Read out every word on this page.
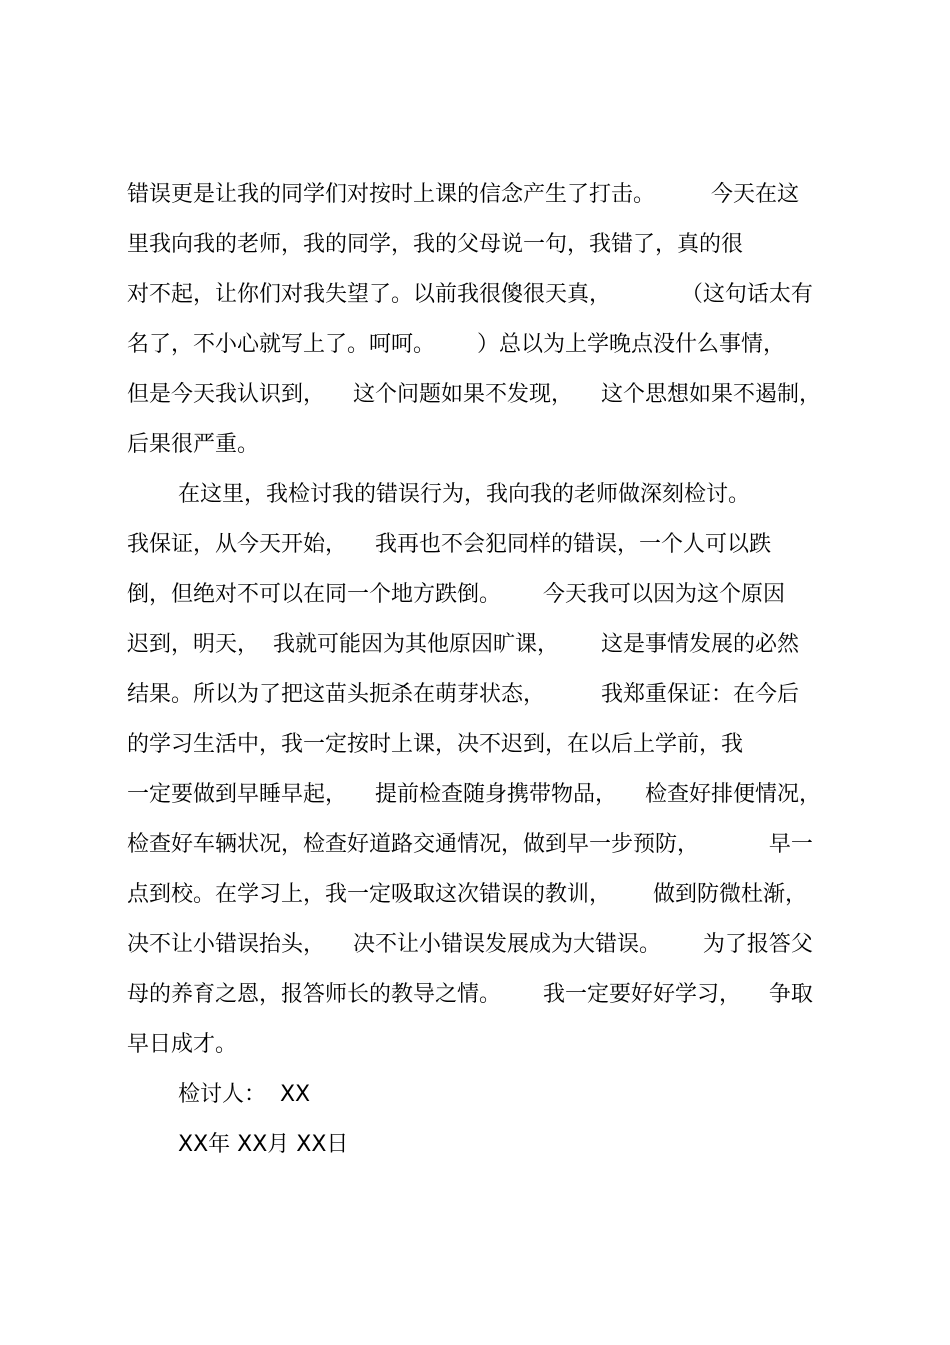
错误更是让我的同学们对按时上课的信念产生了打击。        今天在这
里我向我的老师，我的同学，我的父母说一句，我错了，真的很
对不起，让你们对我失望了。以前我很傻很天真，          （这句话太有
名了，不小心就写上了。呵呵。      ）总以为上学晚点没什么事情，
但是今天我认识到，    这个问题如果不发现，    这个思想如果不遏制，
后果很严重。
在这里，我检讨我的错误行为，我向我的老师做深刻检讨。
我保证，从今天开始，    我再也不会犯同样的错误，一个人可以跌
倒，但绝对不可以在同一个地方跌倒。      今天我可以因为这个原因
迟到，明天，  我就可能因为其他原因旷课，      这是事情发展的必然
结果。所以为了把这苗头扼杀在萌芽状态，        我郑重保证：在今后
的学习生活中，我一定按时上课，决不迟到，在以后上学前，我
一定要做到早睡早起，    提前检查随身携带物品，    检查好排便情况，
检查好车辆状况，检查好道路交通情况，做到早一步预防，          早一
点到校。在学习上，我一定吸取这次错误的教训，      做到防微杜渐，
决不让小错误抬头，    决不让小错误发展成为大错误。      为了报答父
母的养育之恩，报答师长的教导之情。      我一定要好好学习，    争取
早日成才。
检讨人：  XX
XX年 XX月 XX日
